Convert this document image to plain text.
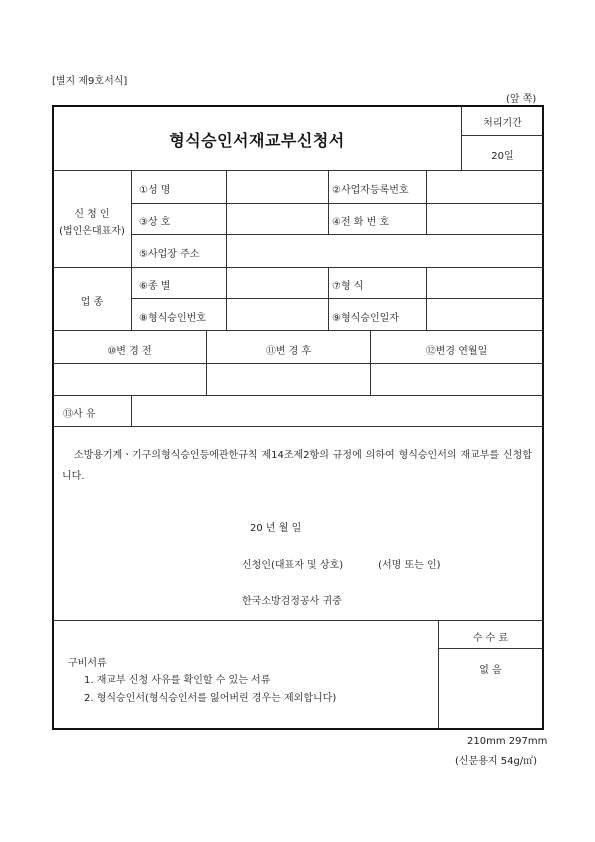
[별지 제9호서식]
(앞 쪽)
형식승인서재교부신청서
처리기간
20일
신 청 인
(법인은대표자)
①성 명	②사업자등록번호
③상 호	④전 화 번 호
⑤사업장 주소
업 종
⑥종 별	⑦형 식
⑧형식승인번호	⑨형식승인일자
⑩변 경 전	⑪변 경 후	⑫변경 연월일
⑬사 유
소방용기계ㆍ기구의형식승인등에관한규칙 제14조제2항의 규정에 의하여 형식승인서의 재교부를 신청합니다.
20 년 월 일
신청인(대표자 및 상호)           (서명 또는 인)
한국소방검정공사 귀중
구비서류
1. 재교부 신청 사유를 확인할 수 있는 서류
2. 형식승인서(형식승인서를 잃어버린 경우는 제외합니다)
수 수 료
없 음
210mm 297mm
(신문용지 54g/㎡)
